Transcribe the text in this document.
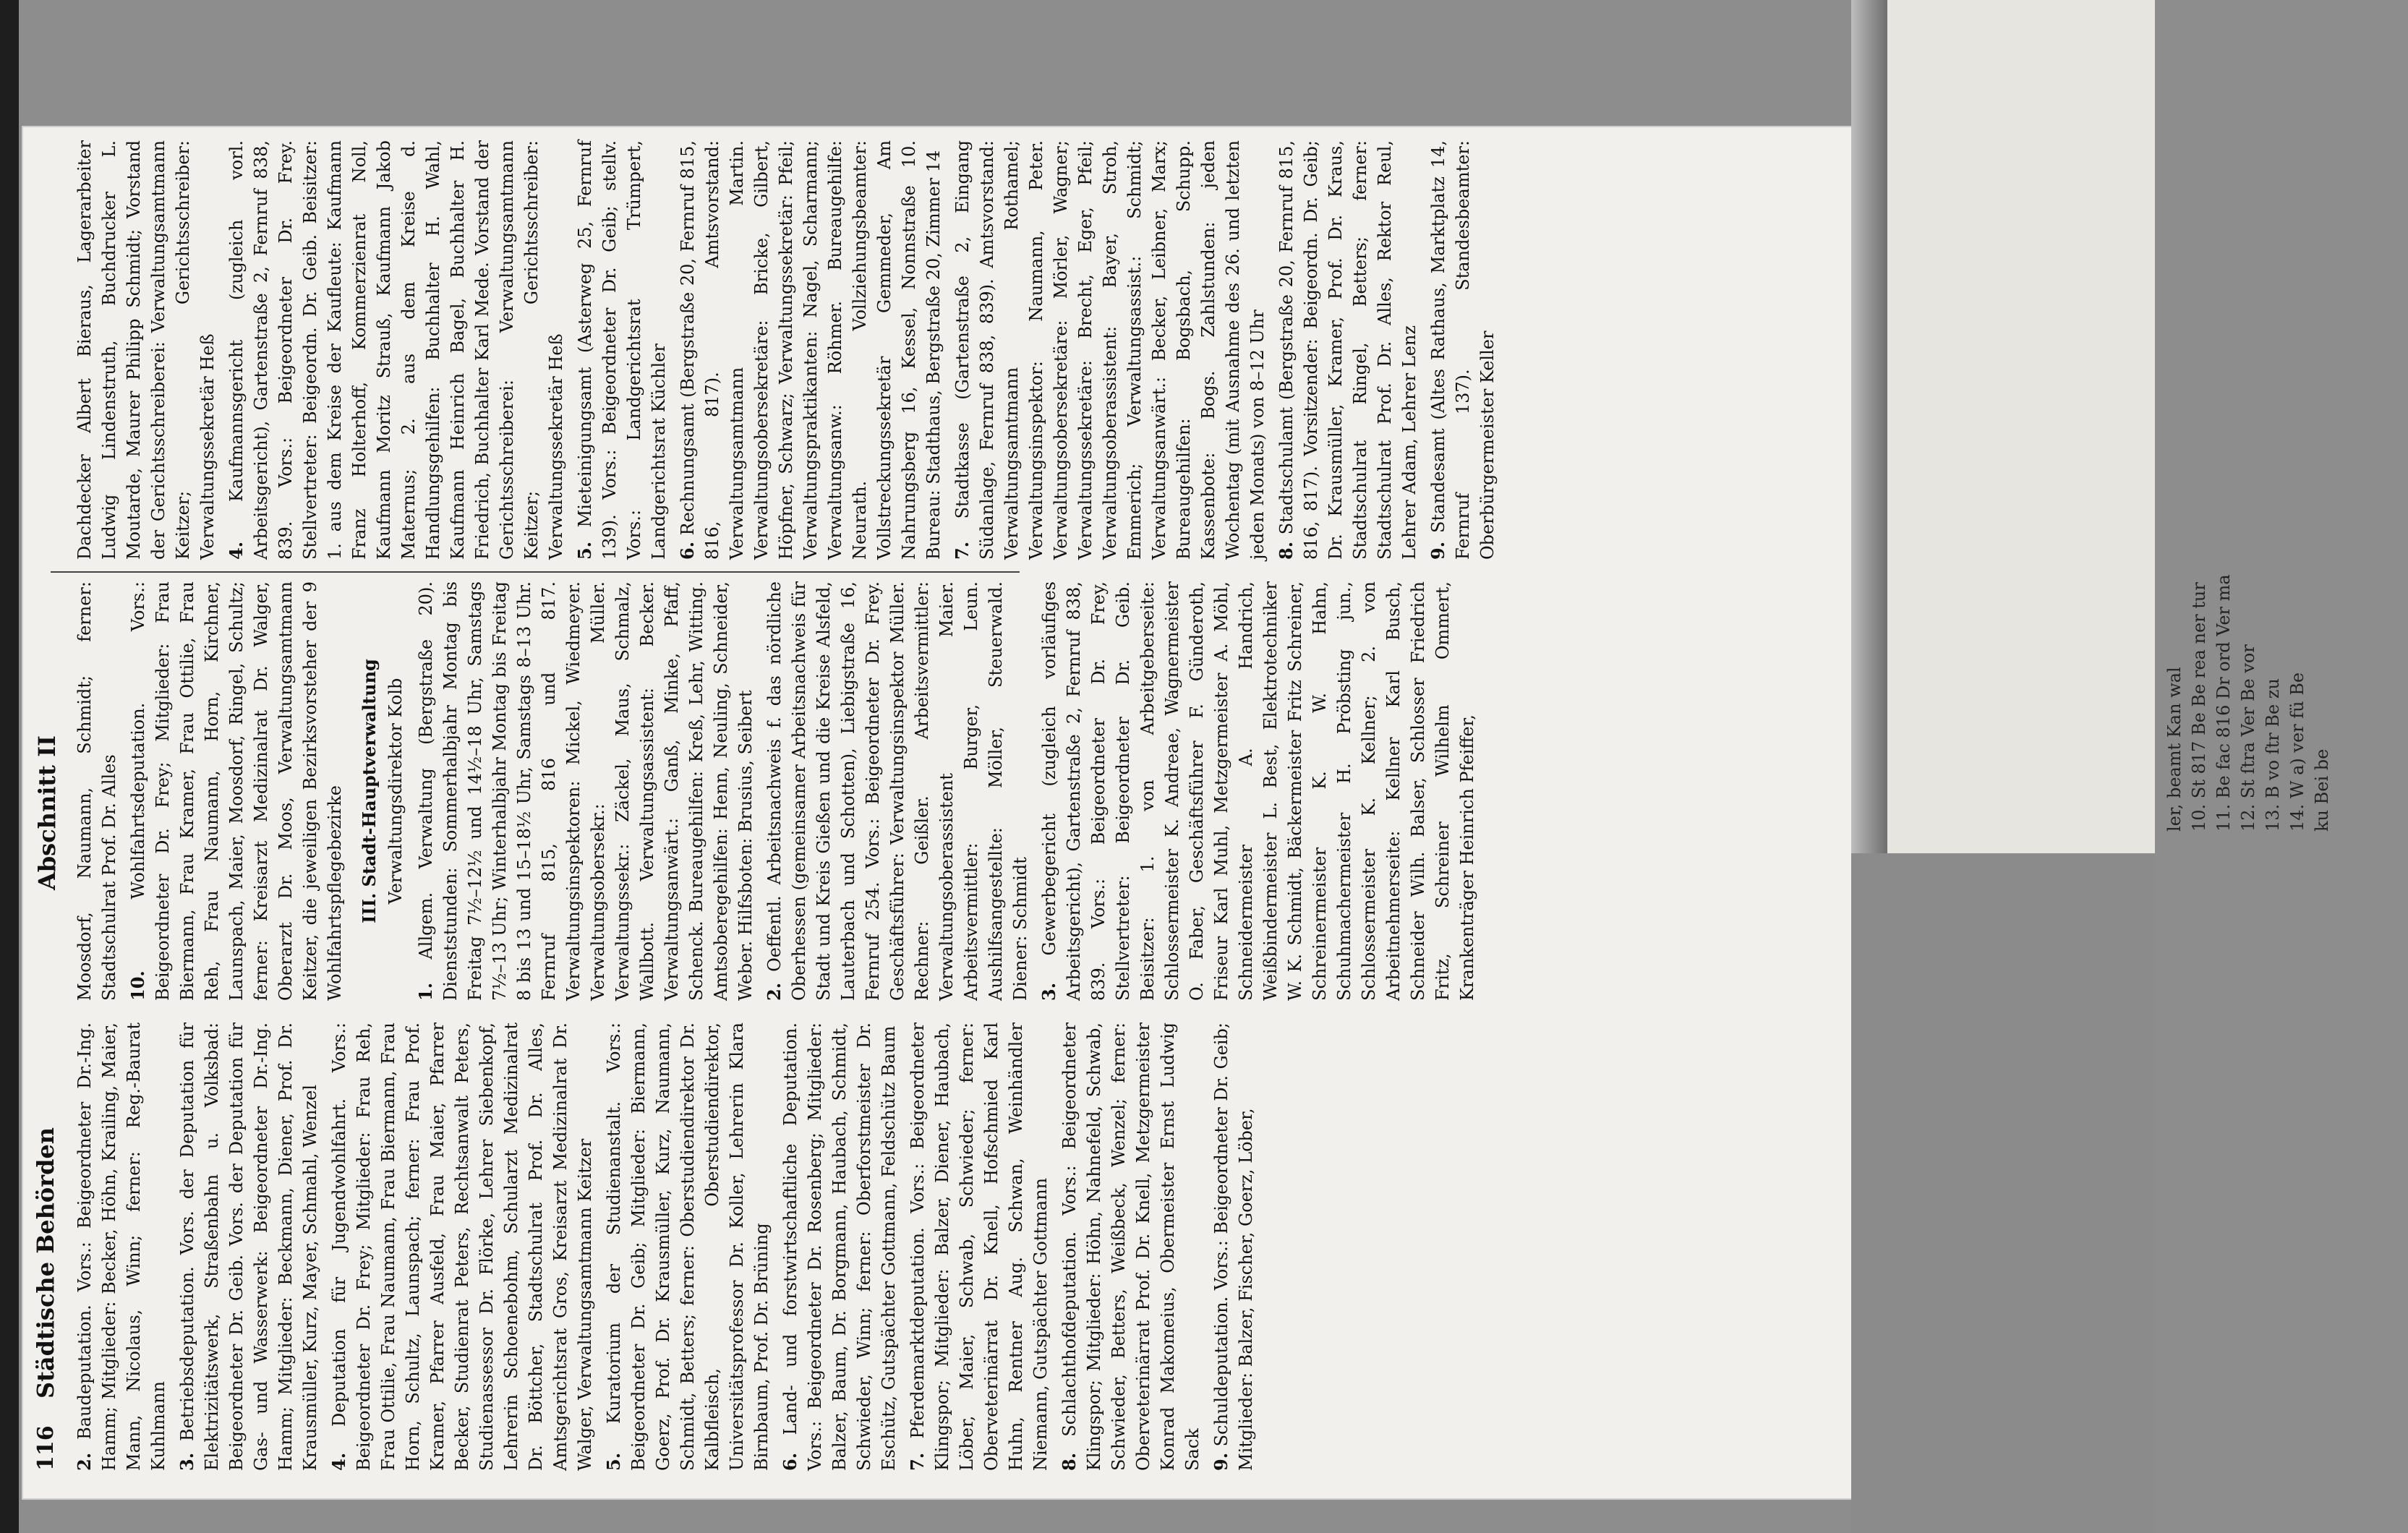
116
Städtische Behörden
Abschnitt II

2. Baudeputation. Vors.: Beigeordneter Dr.-Ing. Hamm; Mitglieder: Becker, Höhn, Krailing, Maier, Mann, Nicolaus, Winn; ferner: Reg.-Baurat Kuhlmann 3. Betriebsdeputation. Vors. der Deputation für Elektrizitätswerk, Straßenbahn u. Volksbad: Beigeordneter Dr. Geib. Vors. der Deputation für Gas- und Wasserwerk: Beigeordneter Dr.-Ing. Hamm; Mitglieder: Beckmann, Diener, Prof. Dr. Krausmüller, Kurz, Mayer, Schmahl, Wenzel 4. Deputation für Jugendwohlfahrt. Vors.: Beigeordneter Dr. Frey; Mitglieder: Frau Reh, Frau Ottilie, Frau Naumann, Frau Biermann, Frau Horn, Schultz, Launspach; ferner: Frau Prof. Kramer, Pfarrer Ausfeld, Frau Maier, Pfarrer Becker, Studienrat Peters, Rechtsanwalt Peters, Studienassessor Dr. Flörke, Lehrer Siebenkopf, Lehrerin Schoenebohm, Schularzt Medizinalrat Dr. Böttcher, Stadtschulrat Prof. Dr. Alles, Amtsgerichtsrat Gros, Kreisarzt Medizinalrat Dr. Walger, Verwaltungsamtmann Keitzer 5. Kuratorium der Studienanstalt. Vors.: Beigeordneter Dr. Geib; Mitglieder: Biermann, Goerz, Prof. Dr. Krausmüller, Kurz, Naumann, Schmidt, Betters; ferner: Oberstudiendirektor Dr. Kalbfleisch, Oberstudiendirektor, Universitätsprofessor Dr. Koller, Lehrerin Klara Birnbaum, Prof. Dr. Brüning 6. Land- und forstwirtschaftliche Deputation. Vors.: Beigeordneter Dr. Rosenberg; Mitglieder: Balzer, Baum, Dr. Borgmann, Haubach, Schmidt, Schwieder, Winn; ferner: Oberforstmeister Dr. Eschütz, Gutspächter Gottmann, Feldschütz Baum 7. Pferdemarktdeputation. Vors.: Beigeordneter Klingspor; Mitglieder: Balzer, Diener, Haubach, Löber, Maier, Schwab, Schwieder; ferner: Oberveterinärrat Dr. Knell, Hofschmied Karl Huhn, Rentner Aug. Schwan, Weinhändler Niemann, Gutspächter Gottmann 8. Schlachthofdeputation. Vors.: Beigeordneter Klingspor; Mitglieder: Höhn, Nahnefeld, Schwab, Schwieder, Betters, Weißbeck, Wenzel; ferner: Oberveterinärrat Prof. Dr. Knell, Metzgermeister Konrad Makomeius, Obermeister Ernst Ludwig Sack 9. Schuldeputation. Vors.: Beigeordneter Dr. Geib; Mitglieder: Balzer, Fischer, Goerz, Löber,

Moosdorf, Naumann, Schmidt; ferner: Stadtschulrat Prof. Dr. Alles 10. Wohlfahrtsdeputation. Vors.: Beigeordneter Dr. Frey; Mitglieder: Frau Biermann, Frau Kramer, Frau Ottilie, Frau Reh, Frau Naumann, Horn, Kirchner, Launspach, Maier, Moosdorf, Ringel, Schultz; ferner: Kreisarzt Medizinalrat Dr. Walger, Oberarzt Dr. Moos, Verwaltungsamtmann Keitzer, die jeweiligen Bezirksvorsteher der 9 Wohlfahrtspflegebezirke III. Stadt-Hauptverwaltung Verwaltungsdirektor Kolb

1. Allgem. Verwaltung (Bergstraße 20). Dienststunden: Sommerhalbjahr Montag bis Freitag 7½–12½ und 14½–18 Uhr, Samstags 7½–13 Uhr; Winterhalbjahr Montag bis Freitag 8 bis 13 und 15–18½ Uhr, Samstags 8–13 Uhr. Fernruf 815, 816 und 817. Verwaltungsinspektoren: Mickel, Wiedmeyer. Verwaltungsobersekr.: Müller. Verwaltungssekr.: Zäckel, Maus, Schmalz, Wallbott. Verwaltungsassistent: Becker. Verwaltungsanwärt.: Ganß, Minke, Pfaff, Schenck. Bureaugehilfen: Kreß, Lehr, Witting. Amtsoberegehilfen: Henn, Neuling, Schneider, Weber. Hilfsboten: Brusius, Seibert 2. Oeffentl. Arbeitsnachweis f. das nördliche Oberhessen (gemeinsamer Arbeitsnachweis für Stadt und Kreis Gießen und die Kreise Alsfeld, Lauterbach und Schotten), Liebigstraße 16, Fernruf 254. Vors.: Beigeordneter Dr. Frey. Geschäftsführer: Verwaltungsinspektor Müller. Rechner: Geißler. Arbeitsvermittler: Verwaltungsoberassistent Maier. Arbeitsvermittler: Burger, Leun. Aushilfsangestellte: Möller, Steuerwald. Diener: Schmidt 3. Gewerbegericht (zugleich vorläufiges Arbeitsgericht), Gartenstraße 2, Fernruf 838, 839. Vors.: Beigeordneter Dr. Frey, Stellvertreter: Beigeordneter Dr. Geib. Beisitzer: 1. von Arbeitgeberseite: Schlossermeister K. Andreae, Wagnermeister O. Faber, Geschäftsführer F. Günderoth, Friseur Karl Muhl, Metzgermeister A. Möhl, Schneidermeister A. Handrich, Weißbindermeister L. Best, Elektrotechniker W. K. Schmidt, Bäckermeister Fritz Schreiner, Schreinermeister K. W. Hahn, Schuhmachermeister H. Pröbsting jun., Schlossermeister K. Kellner; 2. von Arbeitnehmerseite: Kellner Karl Busch, Schneider Wilh. Balser, Schlosser Friedrich Fritz, Schreiner Wilhelm Ommert, Krankenträger Heinrich Pfeiffer,

Dachdecker Albert Bieraus, Lagerarbeiter Ludwig Lindenstruth, Buchdrucker L. Moutarde, Maurer Philipp Schmidt; Vorstand der Gerichtsschreiberei: Verwaltungsamtmann Keitzer; Gerichtsschreiber: Verwaltungssekretär Heß 4. Kaufmannsgericht (zugleich vorl. Arbeitsgericht), Gartenstraße 2, Fernruf 838, 839. Vors.: Beigeordneter Dr. Frey. Stellvertreter: Beigeordn. Dr. Geib. Beisitzer: 1. aus dem Kreise der Kaufleute: Kaufmann Franz Holterhoff, Kommerzienrat Noll, Kaufmann Moritz Strauß, Kaufmann Jakob Maternus; 2. aus dem Kreise d. Handlungsgehilfen: Buchhalter H. Wahl, Kaufmann Heinrich Bagel, Buchhalter H. Friedrich, Buchhalter Karl Mede. Vorstand der Gerichtsschreiberei: Verwaltungsamtmann Keitzer; Gerichtsschreiber: Verwaltungssekretär Heß 5. Mieteinigungsamt (Asterweg 25, Fernruf 139). Vors.: Beigeordneter Dr. Geib; stellv. Vors.: Landgerichtsrat Trümpert, Landgerichtsrat Küchler 6. Rechnungsamt (Bergstraße 20, Fernruf 815, 816, 817). Amtsvorstand: Verwaltungsamtmann Martin. Verwaltungsobersekretäre: Bricke, Gilbert, Höpfner, Schwarz; Verwaltungssekretär: Pfeil; Verwaltungspraktikanten: Nagel, Scharmann; Verwaltungsanw.: Röhmer. Bureaugehilfe: Neurath. Vollziehungsbeamter: Vollstreckungssekretär Gemmeder, Am Nahrungsberg 16, Kessel, Nonnstraße 10. Bureau: Stadthaus, Bergstraße 20, Zimmer 14 7. Stadtkasse (Gartenstraße 2, Eingang Südanlage, Fernruf 838, 839). Amtsvorstand: Verwaltungsamtmann Rothamel; Verwaltungsinspektor: Naumann, Peter. Verwaltungsobersekretäre: Mörler, Wagner; Verwaltungssekretäre: Brecht, Eger, Pfeil; Verwaltungsoberassistent: Bayer, Stroh, Emmerich; Verwaltungsassist.: Schmidt; Verwaltungsanwärt.: Becker, Leibner, Marx; Bureaugehilfen: Bogsbach, Schupp. Kassenbote: Bogs. Zahlstunden: jeden Wochentag (mit Ausnahme des 26. und letzten jeden Monats) von 8–12 Uhr 8. Stadtschulamt (Bergstraße 20, Fernruf 815, 816, 817). Vorsitzender: Beigeordn. Dr. Geib; Dr. Krausmüller, Kramer, Prof. Dr. Kraus, Stadtschulrat Ringel, Betters; ferner: Stadtschulrat Prof. Dr. Alles, Rektor Reul, Lehrer Adam, Lehrer Lenz 9. Standesamt (Altes Rathaus, Marktplatz 14, Fernruf 137). Standesbeamter: Oberbürgermeister Keller

ler, beamt Kan wal 10. St 817 Be Be rea ner tur 11. Be fac 816 Dr ord Ver ma 12. St ſtra Ver Be vor 13. B vo ſtr Be zu 14. W a) ver fü Be ku Bei be
